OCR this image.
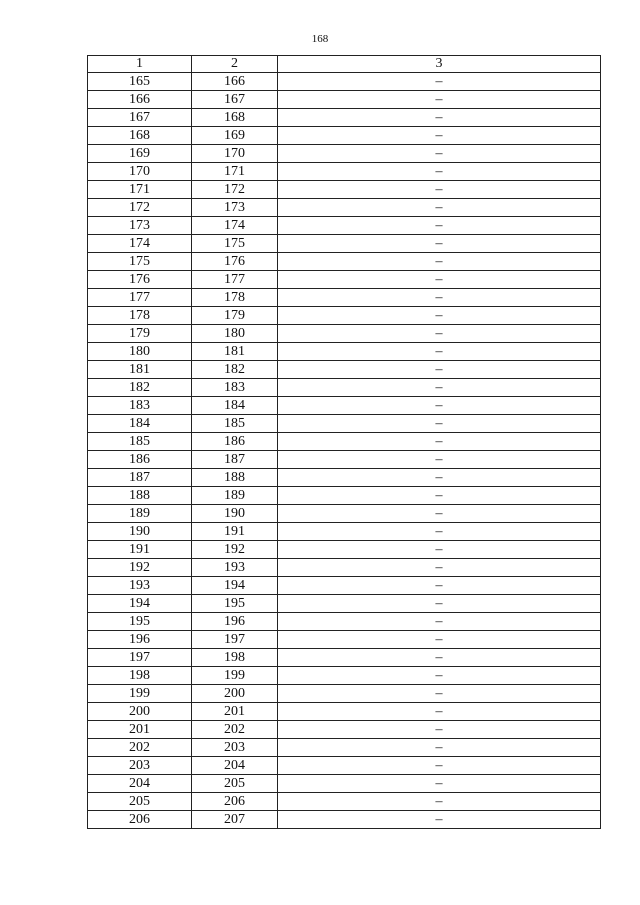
168
1	2	3
165	166	–
166	167	–
167	168	–
168	169	–
169	170	–
170	171	–
171	172	–
172	173	–
173	174	–
174	175	–
175	176	–
176	177	–
177	178	–
178	179	–
179	180	–
180	181	–
181	182	–
182	183	–
183	184	–
184	185	–
185	186	–
186	187	–
187	188	–
188	189	–
189	190	–
190	191	–
191	192	–
192	193	–
193	194	–
194	195	–
195	196	–
196	197	–
197	198	–
198	199	–
199	200	–
200	201	–
201	202	–
202	203	–
203	204	–
204	205	–
205	206	–
206	207	–
